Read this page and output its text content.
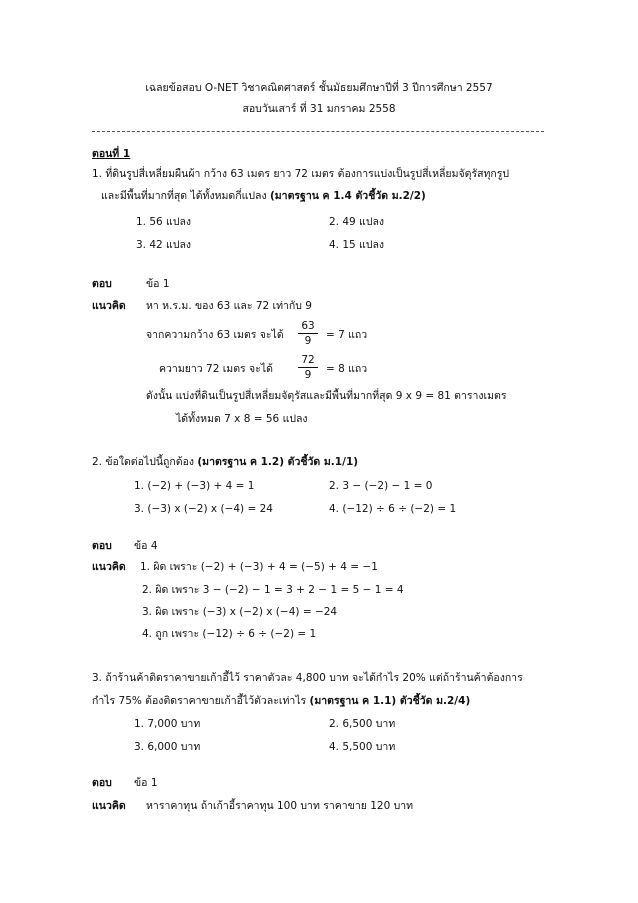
เฉลยข้อสอบ O-NET วิชาคณิตศาสตร์ ชั้นมัธยมศึกษาปีที่ 3 ปีการศึกษา 2557
สอบวันเสาร์ ที่ 31 มกราคม 2558
ตอนที่ 1
1. ที่ดินรูปสี่เหลี่ยมผืนผ้า กว้าง 63 เมตร ยาว 72 เมตร ต้องการแบ่งเป็นรูปสี่เหลี่ยมจัตุรัสทุกรูป
และมีพื้นที่มากที่สุด ได้ทั้งหมดกี่แปลง (มาตรฐาน ค 1.4 ตัวชี้วัด ม.2/2)
1. 56 แปลง	2. 49 แปลง
3. 42 แปลง	4. 15 แปลง
ตอบ	ข้อ 1
แนวคิด หา ห.ร.ม. ของ 63 และ 72 เท่ากับ 9
จากความกว้าง 63 เมตร จะได้ $\frac{63}{9} = 7$ แถว
ความยาว 72 เมตร จะได้ $\frac{72}{9} = 8$ แถว
ดังนั้น แบ่งที่ดินเป็นรูปสี่เหลี่ยมจัตุรัสและมีพื้นที่มากที่สุด 9 x 9 = 81 ตารางเมตร
ได้ทั้งหมด 7 x 8 = 56 แปลง
2. ข้อใดต่อไปนี้ถูกต้อง (มาตรฐาน ค 1.2) ตัวชี้วัด ม.1/1)
1. (−2) + (−3) + 4 = 1	2. 3 − (−2) − 1 = 0
3. (−3) x (−2) x (−4) = 24	4. (−12) ÷ 6 ÷ (−2) = 1
ตอบ ข้อ 4
แนวคิด 1. ผิด เพราะ (−2) + (−3) + 4 = (−5) + 4 = −1
2. ผิด เพราะ 3 − (−2) − 1 = 3 + 2 − 1 = 5 − 1 = 4
3. ผิด เพราะ (−3) x (−2) x (−4) = −24
4. ถูก เพราะ (−12) ÷ 6 ÷ (−2) = 1
3. ถ้าร้านค้าติดราคาขายเก้าอี้ไว้ ราคาตัวละ 4,800 บาท จะได้กำไร 20% แต่ถ้าร้านค้าต้องการ
กำไร 75% ต้องติดราคาขายเก้าอี้ไว้ตัวละเท่าไร (มาตรฐาน ค 1.1) ตัวชี้วัด ม.2/4)
1. 7,000 บาท	2. 6,500 บาท
3. 6,000 บาท	4. 5,500 บาท
ตอบ ข้อ 1
แนวคิด หาราคาทุน ถ้าเก้าอี้ราคาทุน 100 บาท ราคาขาย 120 บาท
